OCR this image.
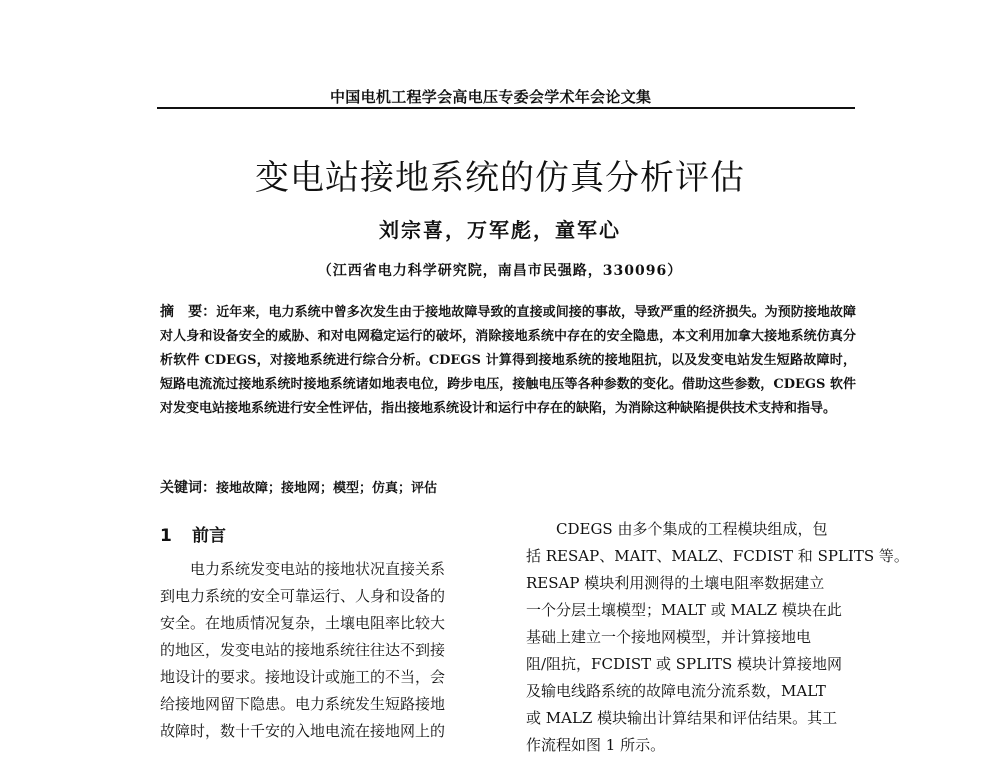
中国电机工程学会高电压专委会学术年会论文集
变电站接地系统的仿真分析评估
刘宗喜，万军彪，童军心
（江西省电力科学研究院，南昌市民强路，330096）
摘　要：近年来，电力系统中曾多次发生由于接地故障导致的直接或间接的事故，导致严重的经济损失。为预防接地故障对人身和设备安全的威胁、和对电网稳定运行的破坏，消除接地系统中存在的安全隐患，本文利用加拿大接地系统仿真分析软件 CDEGS，对接地系统进行综合分析。CDEGS 计算得到接地系统的接地阻抗，以及发变电站发生短路故障时，短路电流流过接地系统时接地系统诸如地表电位，跨步电压，接触电压等各种参数的变化。借助这些参数，CDEGS 软件对发变电站接地系统进行安全性评估，指出接地系统设计和运行中存在的缺陷，为消除这种缺陷提供技术支持和指导。
关键词：接地故障；接地网；模型；仿真；评估
1 前言
电力系统发变电站的接地状况直接关系
到电力系统的安全可靠运行、人身和设备的
安全。在地质情况复杂，土壤电阻率比较大
的地区，发变电站的接地系统往往达不到接
地设计的要求。接地设计或施工的不当，会
给接地网留下隐患。电力系统发生短路接地
故障时，数十千安的入地电流在接地网上的
CDEGS 由多个集成的工程模块组成，包
括 RESAP、MAIT、MALZ、FCDIST 和 SPLITS 等。
RESAP 模块利用测得的土壤电阻率数据建立
一个分层土壤模型；MALT 或 MALZ 模块在此
基础上建立一个接地网模型，并计算接地电
阻/阻抗，FCDIST 或 SPLITS 模块计算接地网
及输电线路系统的故障电流分流系数，MALT
或 MALZ 模块输出计算结果和评估结果。其工
作流程如图 1 所示。
